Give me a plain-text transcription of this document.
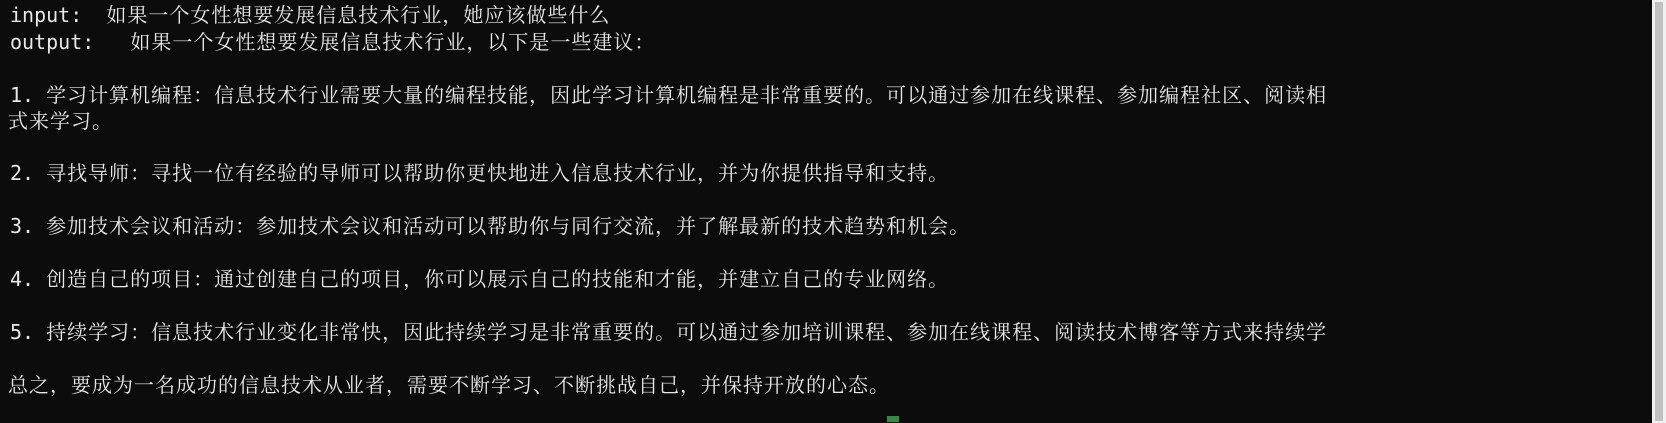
input: 如果一个女性想要发展信息技术行业，她应该做些什么
output: 如果一个女性想要发展信息技术行业，以下是一些建议：
1. 学习计算机编程：信息技术行业需要大量的编程技能，因此学习计算机编程是非常重要的。可以通过参加在线课程、参加编程社区、阅读相
式来学习。
2. 寻找导师：寻找一位有经验的导师可以帮助你更快地进入信息技术行业，并为你提供指导和支持。
3. 参加技术会议和活动：参加技术会议和活动可以帮助你与同行交流，并了解最新的技术趋势和机会。
4. 创造自己的项目：通过创建自己的项目，你可以展示自己的技能和才能，并建立自己的专业网络。
5. 持续学习：信息技术行业变化非常快，因此持续学习是非常重要的。可以通过参加培训课程、参加在线课程、阅读技术博客等方式来持续学
总之，要成为一名成功的信息技术从业者，需要不断学习、不断挑战自己，并保持开放的心态。
